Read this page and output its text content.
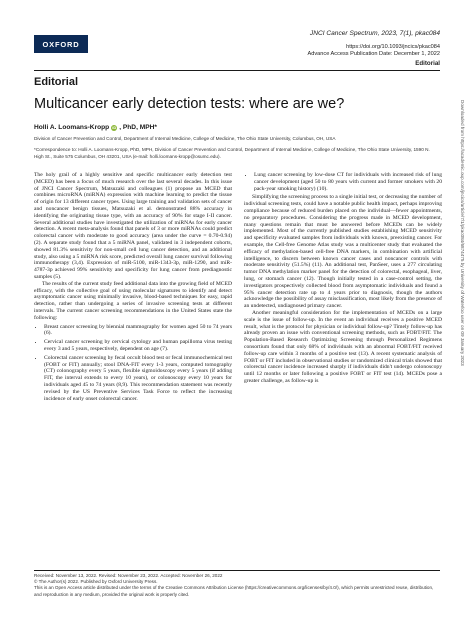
OXFORD
JNCI Cancer Spectrum, 2023, 7(1), pkac084
https://doi.org/10.1093/jncics/pkac084
Advance Access Publication Date: December 1, 2022
Editorial
Editorial
Multicancer early detection tests: where are we?
Holli A. Loomans-Kropp iD , PhD, MPH*
Division of Cancer Prevention and Control, Department of Internal Medicine, College of Medicine, The Ohio State University, Columbus, OH, USA
*Correspondence to: Holli A. Loomans-Kropp, PhD, MPH, Division of Cancer Prevention and Control, Department of Internal Medicine, College of Medicine, The Ohio State University, 1590 N. High St., Suite 575 Columbus, OH 43201, USA (e-mail: holli.loomans-kropp@osumc.edu).

The holy grail of a highly sensitive and specific multicancer early detection test (MCED) has been a focus of much research over the last several decades. In this issue of JNCI Cancer Spectrum, Matsuzaki and colleagues (1) propose an MCED that combines microRNA (miRNA) expression with machine learning to predict the tissue of origin for 13 different cancer types. Using large training and validation sets of cancer and noncancer benign tissues, Matsuzaki et al. demonstrated 88% accuracy in identifying the originating tissue type, with an accuracy of 90% for stage I-II cancer. Several additional studies have investigated the utilization of miRNAs for early cancer detection. A recent meta-analysis found that panels of 3 or more miRNAs could predict colorectal cancer with moderate to good accuracy (area under the curve = 0.70-0.94) (2). A separate study found that a 5 miRNA panel, validated in 3 independent cohorts, showed 81.3% sensitivity for non-small cell lung cancer detection, and an additional study, also using a 5 miRNA risk score, predicted overall lung cancer survival following immunotherapy (3,4). Expression of miR-5100, miR-1343-3p, miR-1290, and miR-4787-3p achieved 99% sensitivity and specificity for lung cancer from prediagnostic samples (5).

The results of the current study feed additional data into the growing field of MCED efficacy, with the collective goal of using molecular signatures to identify and detect asymptomatic cancer using minimally invasive, blood-based techniques for easy, rapid detection, rather than undergoing a series of invasive screening tests at different intervals. The current cancer screening recommendations in the United States state the following:

• Breast cancer screening by biennial mammography for women aged 50 to 74 years (6).
• Cervical cancer screening by cervical cytology and human papilloma virus testing every 3 and 5 years, respectively, dependent on age (7).
• Colorectal cancer screening by fecal occult blood test or fecal immunochemical test (FOBT or FIT) annually; stool DNA-FIT every 1-3 years, computed tomography (CT) colonography every 5 years, flexible sigmoidoscopy every 5 years (if adding FIT, the interval extends to every 10 years), or colonoscopy every 10 years for individuals aged 45 to 74 years (8,9). This recommendation statement was recently revised by the US Preventive Services Task Force to reflect the increasing incidence of early onset colorectal cancer.
• Lung cancer screening by low-dose CT for individuals with increased risk of lung cancer development (aged 50 to 80 years with current and former smokers with 20 pack-year smoking history) (10).

Simplifying the screening process to a single initial test, or decreasing the number of individual screening tests, could have a notable public health impact, perhaps improving compliance because of reduced burden placed on the individual—fewer appointments, no preparatory procedures. Considering the progress made in MCED development, many questions remain that must be answered before MCEDs can be widely implemented. Most of the currently published studies establishing MCED sensitivity and specificity evaluated samples from individuals with known, preexisting cancer. For example, the Cell-free Genome Atlas study was a multicenter study that evaluated the efficacy of methylation-based cell-free DNA markers, in combination with artificial intelligence, to discern between known cancer cases and noncancer controls with moderate sensitivity (51.5%) (11). An additional test, PanSeer, uses a 277 circulating tumor DNA methylation marker panel for the detection of colorectal, esophageal, liver, lung, or stomach cancer (12). Though initially tested in a case-control setting, the investigators prospectively collected blood from asymptomatic individuals and found a 95% cancer detection rate up to 4 years prior to diagnosis, though the authors acknowledge the possibility of assay misclassification, most likely from the presence of an undetected, undiagnosed primary cancer.

Another meaningful consideration for the implementation of MCEDs on a large scale is the issue of follow-up. In the event an individual receives a positive MCED result, what is the protocol for physician or individual follow-up? Timely follow-up has already proven an issue with conventional screening methods, such as FOBT/FIT. The Population-Based Research Optimizing Screening through Personalized Regimens consortium found that only 68% of individuals with an abnormal FOBT/FIT received follow-up care within 3 months of a positive test (13). A recent systematic analysis of FOBT or FIT included in observational studies or randomized clinical trials showed that colorectal cancer incidence increased sharply if individuals didn't undergo colonoscopy until 12 months or later following a positive FOBT or FIT test (14). MCEDs pose a greater challenge, as follow-up is

Received: November 13, 2022. Revised: November 23, 2022. Accepted: November 26, 2022

© The Author(s) 2022. Published by Oxford University Press.

This is an Open Access article distributed under the terms of the Creative Commons Attribution License (https://creativecommons.org/licenses/by/4.0/), which permits unrestricted reuse, distribution, and reproduction in any medium, provided the original work is properly cited.

Downloaded from https://academic.oup.com/jncics/article/7/1/pkac084/6874475 by University of Waterloo user on 09 January 2023
